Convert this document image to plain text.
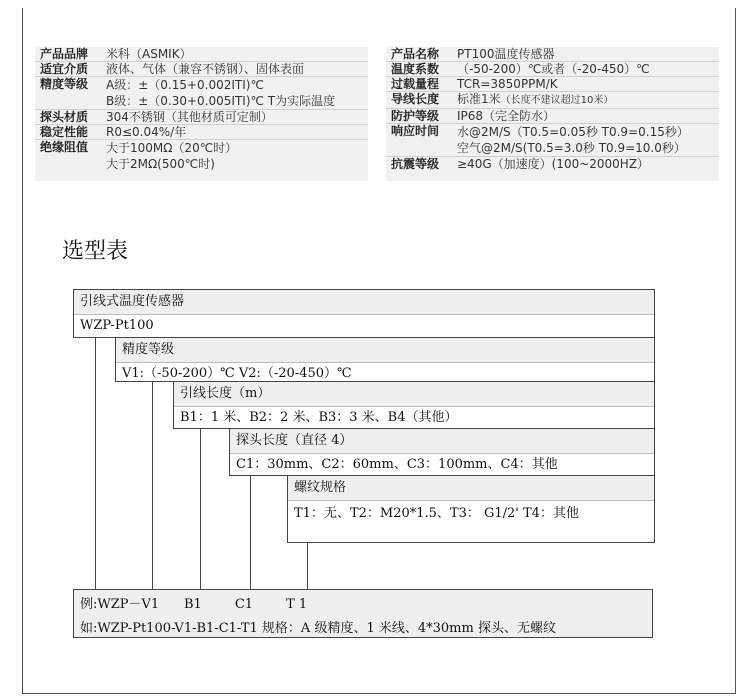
产品品牌	米科（ASMIK）
适宜介质	液体、气体（兼容不锈钢）、固体表面
精度等级	A级：±（0.15+0.002ITI)℃
B级：±（0.30+0.005ITI)℃ T为实际温度
探头材质	304不锈钢（其他材质可定制）
稳定性能	R0≤0.04%/年
绝缘阻值	大于100MΩ（20℃时）
大于2MΩ(500℃时)
产品名称	PT100温度传感器
温度系数	（-50-200）℃或者（-20-450）℃
过载量程	TCR=3850PPM/K
导线长度	标准1米（长度不建议超过10米）
防护等级	IP68（完全防水）
响应时间	水@2M/S（T0.5=0.05秒 T0.9=0.15秒）
空气@2M/S(T0.5=3.0秒 T0.9=10.0秒）
抗震等级	≥40G（加速度）(100~2000HZ）
选型表
引线式温度传感器
WZP-Pt100
精度等级
V1:（-50-200）℃ V2:（-20-450）℃
引线长度（m）
B1：1 米、B2：2 米、B3：3 米、B4（其他）
探头长度（直径 4）
C1：30mm、C2：60mm、C3：100mm、C4：其他
螺纹规格
T1：无、T2：M20*1.5、T3： G1/2' T4：其他
例:WZP－V1      B1        C1        T 1
如:WZP-Pt100-V1-B1-C1-T1 规格：A 级精度、1 米线、4*30mm 探头、无螺纹
